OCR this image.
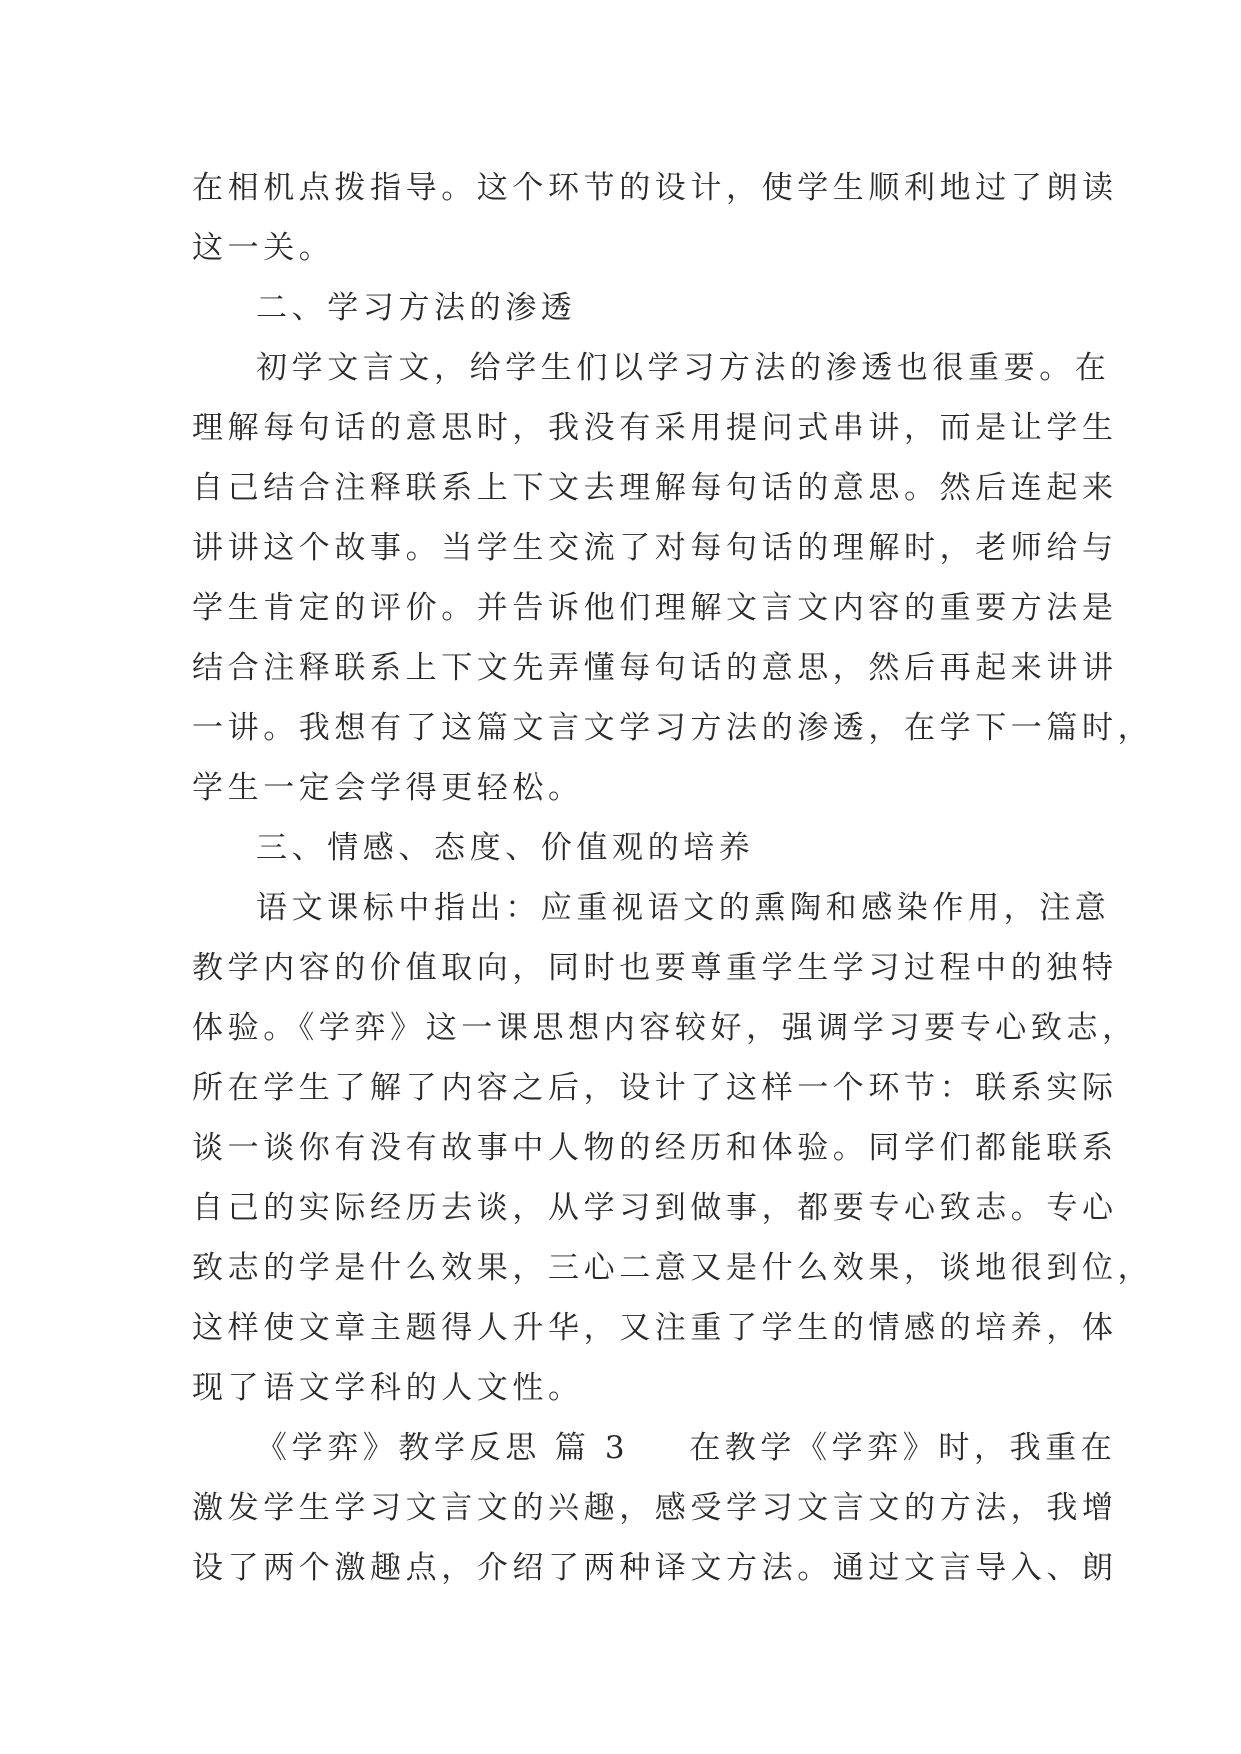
在相机点拨指导。这个环节的设计，使学生顺利地过了朗读

这一关。

二、学习方法的渗透

初学文言文，给学生们以学习方法的渗透也很重要。在

理解每句话的意思时，我没有采用提问式串讲，而是让学生

自己结合注释联系上下文去理解每句话的意思。然后连起来

讲讲这个故事。当学生交流了对每句话的理解时，老师给与

学生肯定的评价。并告诉他们理解文言文内容的重要方法是

结合注释联系上下文先弄懂每句话的意思，然后再起来讲讲

一讲。我想有了这篇文言文学习方法的渗透，在学下一篇时，

学生一定会学得更轻松。

三、情感、态度、价值观的培养

语文课标中指出：应重视语文的熏陶和感染作用，注意

教学内容的价值取向，同时也要尊重学生学习过程中的独特

体验。《学弈》这一课思想内容较好，强调学习要专心致志，

所在学生了解了内容之后，设计了这样一个环节：联系实际

谈一谈你有没有故事中人物的经历和体验。同学们都能联系

自己的实际经历去谈，从学习到做事，都要专心致志。专心

致志的学是什么效果，三心二意又是什么效果，谈地很到位，

这样使文章主题得人升华，又注重了学生的情感的培养，体

现了语文学科的人文性。

《学弈》教学反思 篇 3 在教学《学弈》时，我重在

激发学生学习文言文的兴趣，感受学习文言文的方法，我增

设了两个激趣点，介绍了两种译文方法。通过文言导入、朗
